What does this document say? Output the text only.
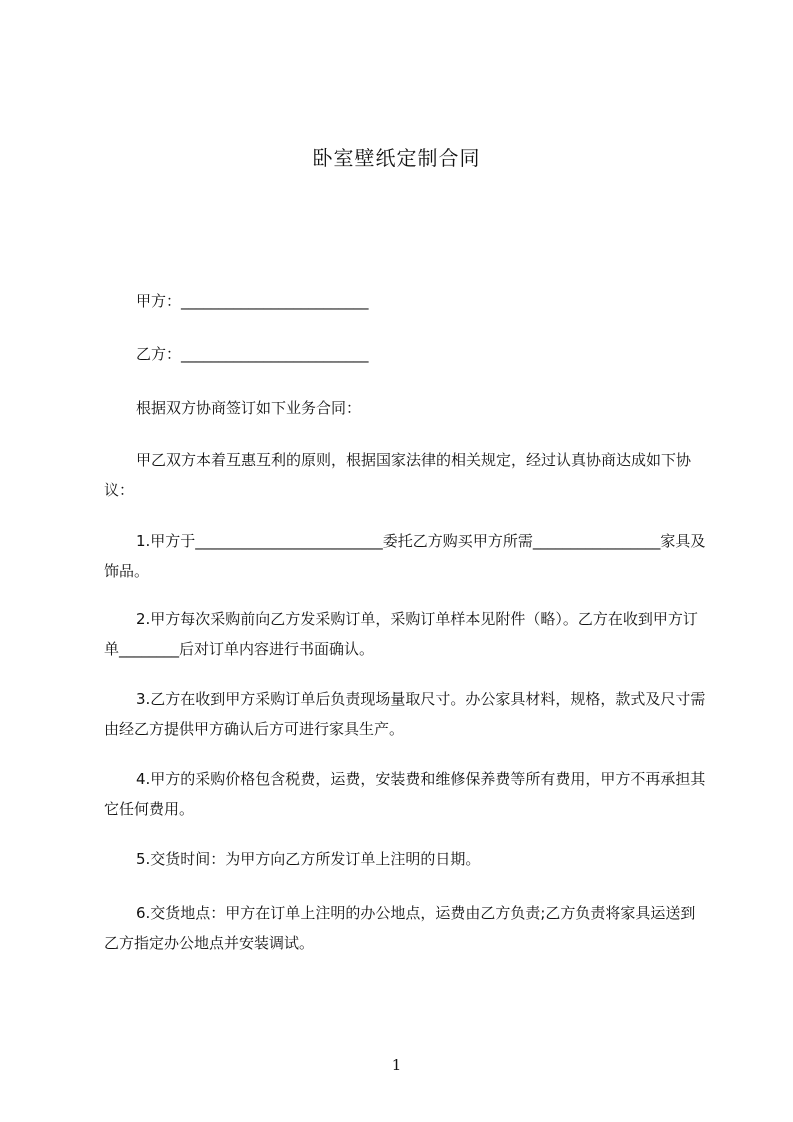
卧室壁纸定制合同

甲方：_________________________

乙方：_________________________

根据双方协商签订如下业务合同：

甲乙双方本着互惠互利的原则，根据国家法律的相关规定，经过认真协商达成如下协议：

1.甲方于_________________________委托乙方购买甲方所需_________________家具及饰品。

2.甲方每次采购前向乙方发采购订单，采购订单样本见附件（略）。乙方在收到甲方订单________后对订单内容进行书面确认。

3.乙方在收到甲方采购订单后负责现场量取尺寸。办公家具材料，规格，款式及尺寸需由经乙方提供甲方确认后方可进行家具生产。

4.甲方的采购价格包含税费，运费，安装费和维修保养费等所有费用，甲方不再承担其它任何费用。

5.交货时间：为甲方向乙方所发订单上注明的日期。

6.交货地点：甲方在订单上注明的办公地点，运费由乙方负责;乙方负责将家具运送到乙方指定办公地点并安装调试。

1
